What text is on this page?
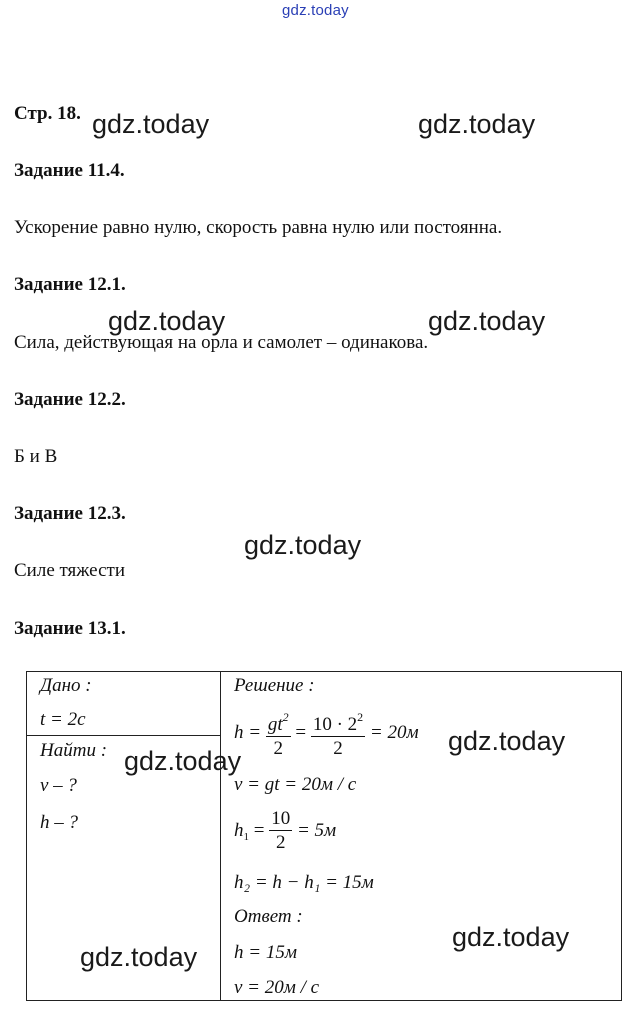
gdz.today
Стр. 18.
Задание 11.4.
Ускорение равно нулю, скорость равна нулю или постоянна.
Задание 12.1.
Сила, действующая на орла и самолет – одинакова.
Задание 12.2.
Б и В
Задание 12.3.
Силе тяжести
Задание 13.1.
Дано :
t = 2c
Найти :
v – ?
h – ?
Решение :
$h = \frac{gt^2}{2} = \frac{10 \cdot 2^2}{2} = 20м$
v = gt = 20м / c
$h_1 = \frac{10}{2} = 5м$
h₂ = h − h₁ = 15м
Ответ :
h = 15м
v = 20м / c
gdz.today	gdz.today
gdz.today	gdz.today
gdz.today
gdz.today
gdz.today
gdz.today
gdz.today
